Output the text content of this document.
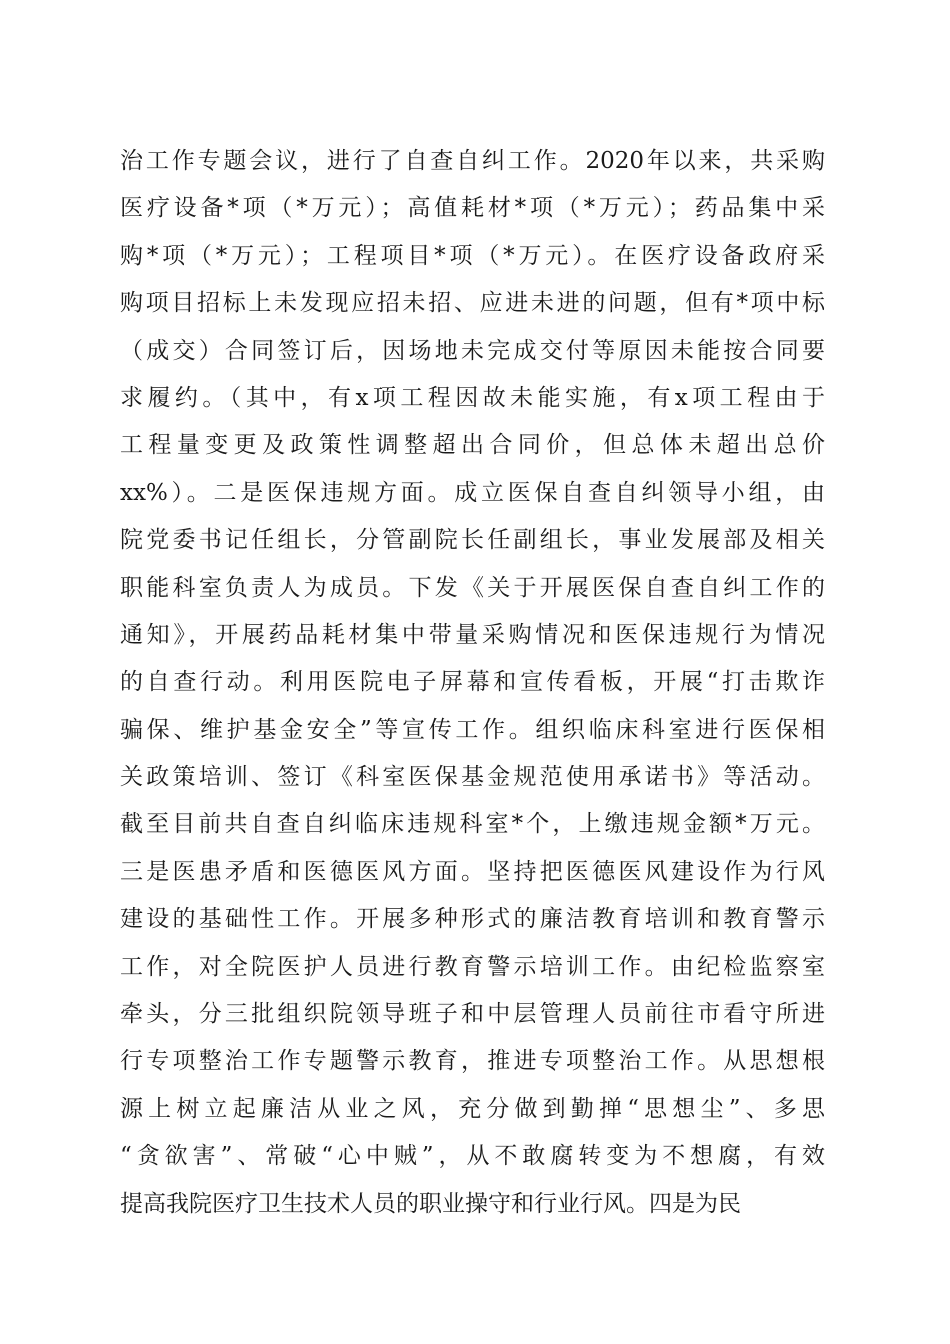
治工作专题会议，进行了自查自纠工作。2020年以来，共采购
医疗设备*项（*万元）；高值耗材*项（*万元）；药品集中采
购*项（*万元）；工程项目*项（*万元）。在医疗设备政府采
购项目招标上未发现应招未招、应进未进的问题，但有*项中标
（成交）合同签订后，因场地未完成交付等原因未能按合同要
求履约。（其中，有x项工程因故未能实施，有x项工程由于
工程量变更及政策性调整超出合同价，但总体未超出总价
xx%）。二是医保违规方面。成立医保自查自纠领导小组，由
院党委书记任组长，分管副院长任副组长，事业发展部及相关
职能科室负责人为成员。下发《关于开展医保自查自纠工作的
通知》，开展药品耗材集中带量采购情况和医保违规行为情况
的自查行动。利用医院电子屏幕和宣传看板，开展“打击欺诈
骗保、维护基金安全”等宣传工作。组织临床科室进行医保相
关政策培训、签订《科室医保基金规范使用承诺书》等活动。
截至目前共自查自纠临床违规科室*个，上缴违规金额*万元。
三是医患矛盾和医德医风方面。坚持把医德医风建设作为行风
建设的基础性工作。开展多种形式的廉洁教育培训和教育警示
工作，对全院医护人员进行教育警示培训工作。由纪检监察室
牵头，分三批组织院领导班子和中层管理人员前往市看守所进
行专项整治工作专题警示教育，推进专项整治工作。从思想根
源上树立起廉洁从业之风，充分做到勤掸“思想尘”、多思
“贪欲害”、常破“心中贼”，从不敢腐转变为不想腐，有效
提高我院医疗卫生技术人员的职业操守和行业行风。四是为民
